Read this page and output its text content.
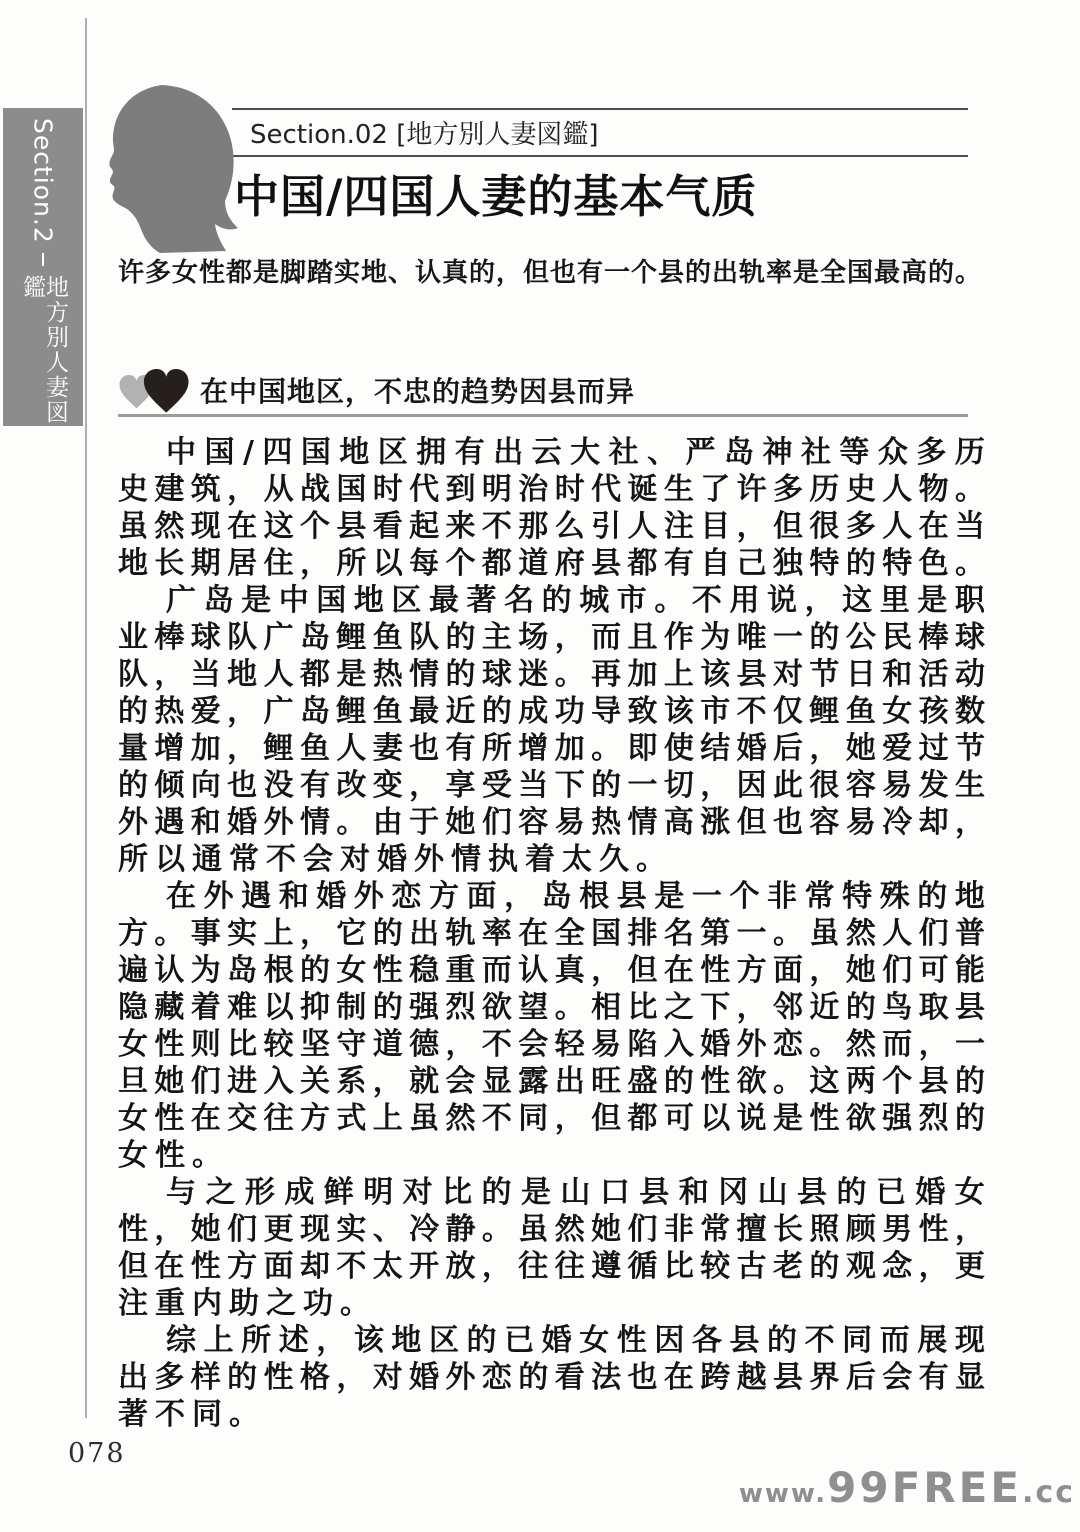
Section.2
地方別人妻図鑑
Section.02 [地方別人妻図鑑]
中国/四国人妻的基本气质

许多女性都是脚踏实地、认真的，但也有一个县的出轨率是全国最高的。

在中国地区，不忠的趋势因县而异
中 国 / 四 国 地 区 拥 有 出 云 大 社 、 严 岛 神 社 等 众 多 历
史 建 筑 ， 从 战 国 时 代 到 明 治 时 代 诞 生 了 许 多 历 史 人 物 。
虽 然 现 在 这 个 县 看 起 来 不 那 么 引 人 注 目 ， 但 很 多 人 在 当
地 长 期 居 住 ， 所 以 每 个 都 道 府 县 都 有 自 己 独 特 的 特 色 。
广 岛 是 中 国 地 区 最 著 名 的 城 市 。 不 用 说 ， 这 里 是 职
业 棒 球 队 广 岛 鲤 鱼 队 的 主 场 ， 而 且 作 为 唯 一 的 公 民 棒 球
队 ， 当 地 人 都 是 热 情 的 球 迷 。 再 加 上 该 县 对 节 日 和 活 动
的 热 爱 ， 广 岛 鲤 鱼 最 近 的 成 功 导 致 该 市 不 仅 鲤 鱼 女 孩 数
量 增 加 ， 鲤 鱼 人 妻 也 有 所 增 加 。 即 使 结 婚 后 ， 她 爱 过 节
的 倾 向 也 没 有 改 变 ， 享 受 当 下 的 一 切 ， 因 此 很 容 易 发 生
外 遇 和 婚 外 情 。 由 于 她 们 容 易 热 情 高 涨 但 也 容 易 冷 却 ，
所 以 通 常 不 会 对 婚 外 情 执 着 太 久 。
在 外 遇 和 婚 外 恋 方 面 ， 岛 根 县 是 一 个 非 常 特 殊 的 地
方 。 事 实 上 ， 它 的 出 轨 率 在 全 国 排 名 第 一 。 虽 然 人 们 普
遍 认 为 岛 根 的 女 性 稳 重 而 认 真 ， 但 在 性 方 面 ， 她 们 可 能
隐 藏 着 难 以 抑 制 的 强 烈 欲 望 。 相 比 之 下 ， 邻 近 的 鸟 取 县
女 性 则 比 较 坚 守 道 德 ， 不 会 轻 易 陷 入 婚 外 恋 。 然 而 ， 一
旦 她 们 进 入 关 系 ， 就 会 显 露 出 旺 盛 的 性 欲 。 这 两 个 县 的
女 性 在 交 往 方 式 上 虽 然 不 同 ， 但 都 可 以 说 是 性 欲 强 烈 的
女 性 。
与 之 形 成 鲜 明 对 比 的 是 山 口 县 和 冈 山 县 的 已 婚 女
性 ， 她 们 更 现 实 、 冷 静 。 虽 然 她 们 非 常 擅 长 照 顾 男 性 ，
但 在 性 方 面 却 不 太 开 放 ， 往 往 遵 循 比 较 古 老 的 观 念 ， 更
注 重 内 助 之 功 。
综 上 所 述 ， 该 地 区 的 已 婚 女 性 因 各 县 的 不 同 而 展 现
出 多 样 的 性 格 ， 对 婚 外 恋 的 看 法 也 在 跨 越 县 界 后 会 有 显
著 不 同 。
078
www. 99FREE .cc
